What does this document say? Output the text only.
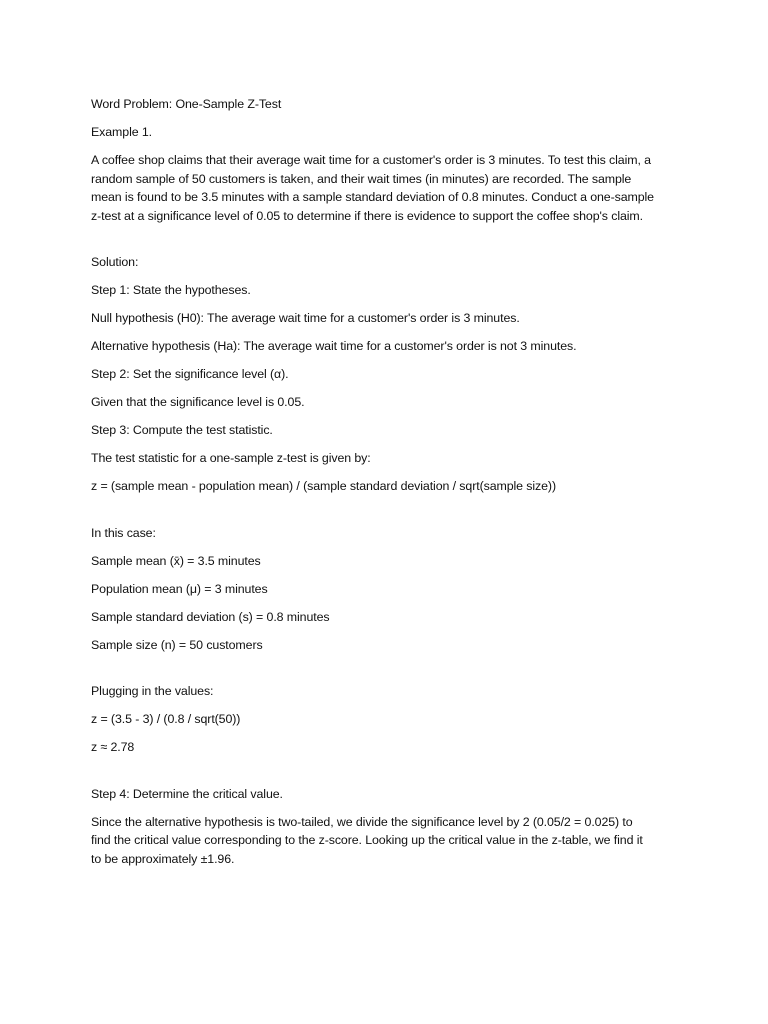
Word Problem: One-Sample Z-Test

Example 1.

A coffee shop claims that their average wait time for a customer's order is 3 minutes. To test this claim, a

random sample of 50 customers is taken, and their wait times (in minutes) are recorded. The sample

mean is found to be 3.5 minutes with a sample standard deviation of 0.8 minutes. Conduct a one-sample

z-test at a significance level of 0.05 to determine if there is evidence to support the coffee shop's claim.

Solution:

Step 1: State the hypotheses.

Null hypothesis (H0): The average wait time for a customer's order is 3 minutes.

Alternative hypothesis (Ha): The average wait time for a customer's order is not 3 minutes.

Step 2: Set the significance level (α).

Given that the significance level is 0.05.

Step 3: Compute the test statistic.

The test statistic for a one-sample z-test is given by:

z = (sample mean - population mean) / (sample standard deviation / sqrt(sample size))

In this case:

Sample mean (x̄) = 3.5 minutes

Population mean (μ) = 3 minutes

Sample standard deviation (s) = 0.8 minutes

Sample size (n) = 50 customers

Plugging in the values:

z = (3.5 - 3) / (0.8 / sqrt(50))

z ≈ 2.78

Step 4: Determine the critical value.

Since the alternative hypothesis is two-tailed, we divide the significance level by 2 (0.05/2 = 0.025) to

find the critical value corresponding to the z-score. Looking up the critical value in the z-table, we find it

to be approximately ±1.96.
